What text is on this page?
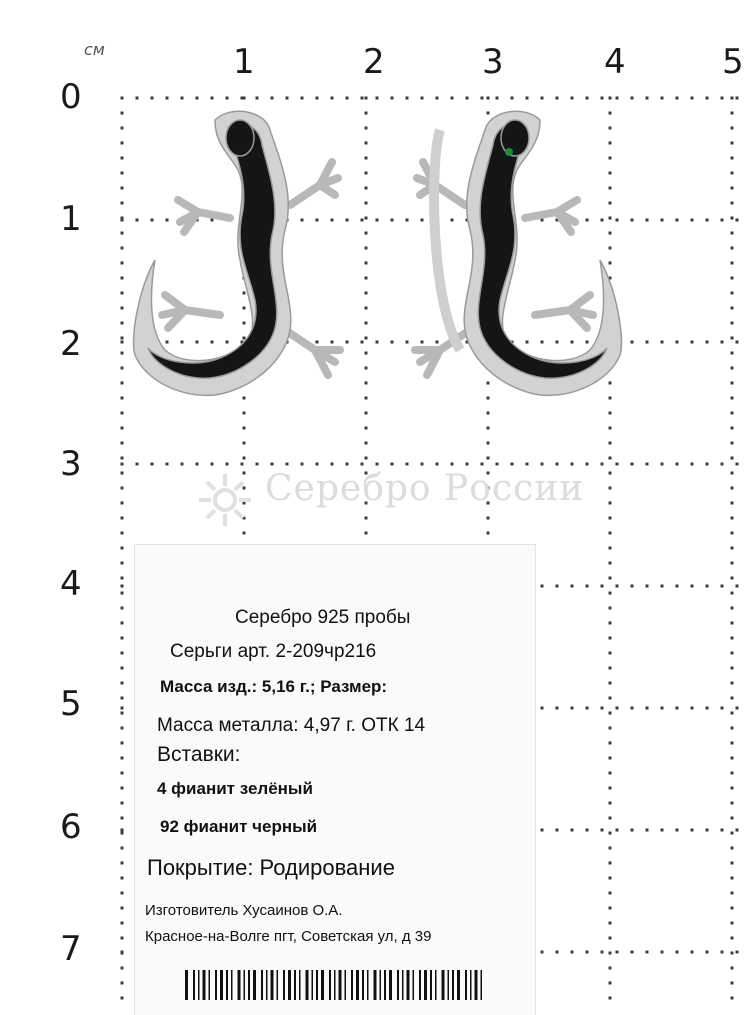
cм	1	2	3	4	5
0
1
2
3
4
5
6
7
Серебро России
Серебро 925 пробы
Серьги арт. 2-209чр216
Масса изд.: 5,16 г.; Размер:
Масса металла: 4,97 г. ОТК 14
Вставки:
4 фианит зелёный
92 фианит черный
Покрытие: Родирование
Изготовитель Хусаинов О.А.
Красное-на-Волге пгт, Советская ул, д 39
